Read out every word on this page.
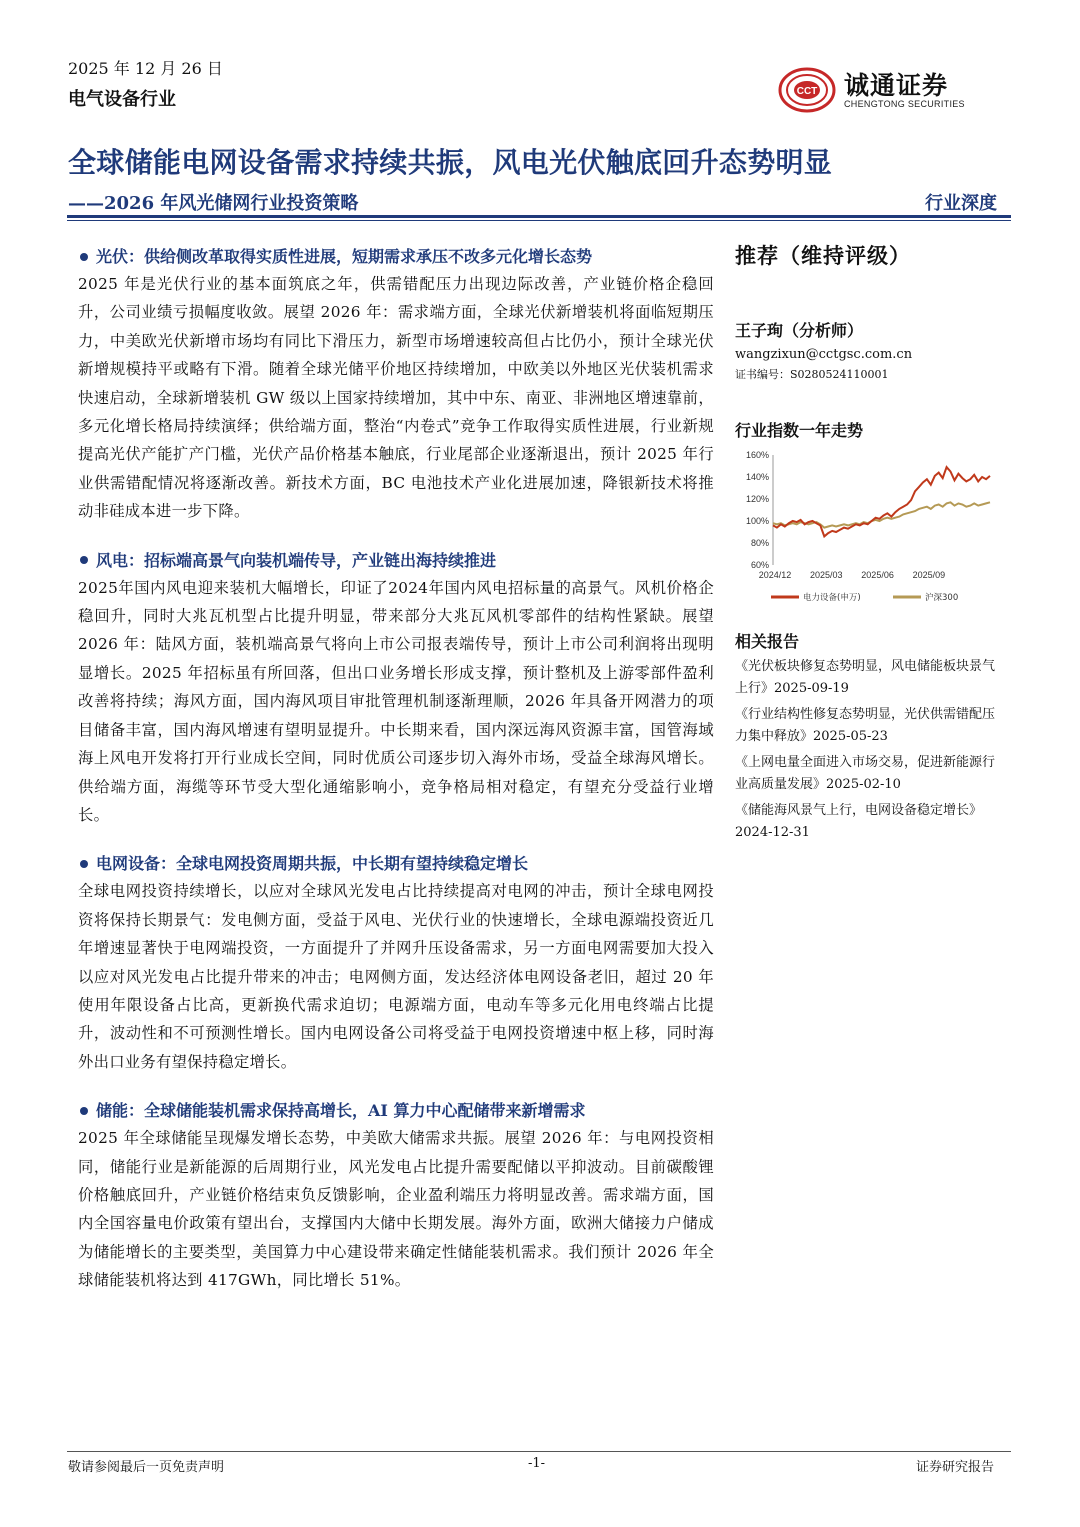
2025 年 12 月 26 日
电气设备行业	CCT 诚通证券
CHENGTONG SECURITIES
全球储能电网设备需求持续共振，风电光伏触底回升态势明显
——2026 年风光储网行业投资策略	行业深度
光伏：供给侧改革取得实质性进展，短期需求承压不改多元化增长态势

2025 年是光伏行业的基本面筑底之年，供需错配压力出现边际改善，产业链价格企稳回升，公司业绩亏损幅度收敛。展望 2026 年：需求端方面，全球光伏新增装机将面临短期压力，中美欧光伏新增市场均有同比下滑压力，新型市场增速较高但占比仍小，预计全球光伏新增规模持平或略有下滑。随着全球光储平价地区持续增加，中欧美以外地区光伏装机需求快速启动，全球新增装机 GW 级以上国家持续增加，其中中东、南亚、非洲地区增速靠前，多元化增长格局持续演绎；供给端方面，整治“内卷式”竞争工作取得实质性进展，行业新规提高光伏产能扩产门槛，光伏产品价格基本触底，行业尾部企业逐渐退出，预计 2025 年行业供需错配情况将逐渐改善。新技术方面，BC 电池技术产业化进展加速，降银新技术将推动非硅成本进一步下降。

风电：招标端高景气向装机端传导，产业链出海持续推进

2025年国内风电迎来装机大幅增长，印证了2024年国内风电招标量的高景气。风机价格企稳回升，同时大兆瓦机型占比提升明显，带来部分大兆瓦风机零部件的结构性紧缺。展望 2026 年：陆风方面，装机端高景气将向上市公司报表端传导，预计上市公司利润将出现明显增长。2025 年招标虽有所回落，但出口业务增长形成支撑，预计整机及上游零部件盈利改善将持续；海风方面，国内海风项目审批管理机制逐渐理顺，2026 年具备开网潜力的项目储备丰富，国内海风增速有望明显提升。中长期来看，国内深远海风资源丰富，国管海域海上风电开发将打开行业成长空间，同时优质公司逐步切入海外市场，受益全球海风增长。供给端方面，海缆等环节受大型化通缩影响小，竞争格局相对稳定，有望充分受益行业增长。

电网设备：全球电网投资周期共振，中长期有望持续稳定增长

全球电网投资持续增长，以应对全球风光发电占比持续提高对电网的冲击，预计全球电网投资将保持长期景气：发电侧方面，受益于风电、光伏行业的快速增长，全球电源端投资近几年增速显著快于电网端投资，一方面提升了并网升压设备需求，另一方面电网需要加大投入以应对风光发电占比提升带来的冲击；电网侧方面，发达经济体电网设备老旧，超过 20 年使用年限设备占比高，更新换代需求迫切；电源端方面，电动车等多元化用电终端占比提升，波动性和不可预测性增长。国内电网设备公司将受益于电网投资增速中枢上移，同时海外出口业务有望保持稳定增长。

储能：全球储能装机需求保持高增长，AI 算力中心配储带来新增需求

2025 年全球储能呈现爆发增长态势，中美欧大储需求共振。展望 2026 年：与电网投资相同，储能行业是新能源的后周期行业，风光发电占比提升需要配储以平抑波动。目前碳酸锂价格触底回升，产业链价格结束负反馈影响，企业盈利端压力将明显改善。需求端方面，国内全国容量电价政策有望出台，支撑国内大储中长期发展。海外方面，欧洲大储接力户储成为储能增长的主要类型，美国算力中心建设带来确定性储能装机需求。我们预计 2026 年全球储能装机将达到 417GWh，同比增长 51%。

推荐（维持评级）
王子珣（分析师）
wangzixun@cctgsc.com.cn
证书编号：S0280524110001
行业指数一年走势
160%
140%
120%
100%
80%
60%
2024/12 2025/03 2025/06 2025/09
电力设备(申万)	沪深300
相关报告
《光伏板块修复态势明显，风电储能板块景气上行》2025-09-19
《行业结构性修复态势明显，光伏供需错配压力集中释放》2025-05-23
《上网电量全面进入市场交易，促进新能源行业高质量发展》2025-02-10
《储能海风景气上行，电网设备稳定增长》2024-12-31
敬请参阅最后一页免责声明	-1-	证券研究报告
